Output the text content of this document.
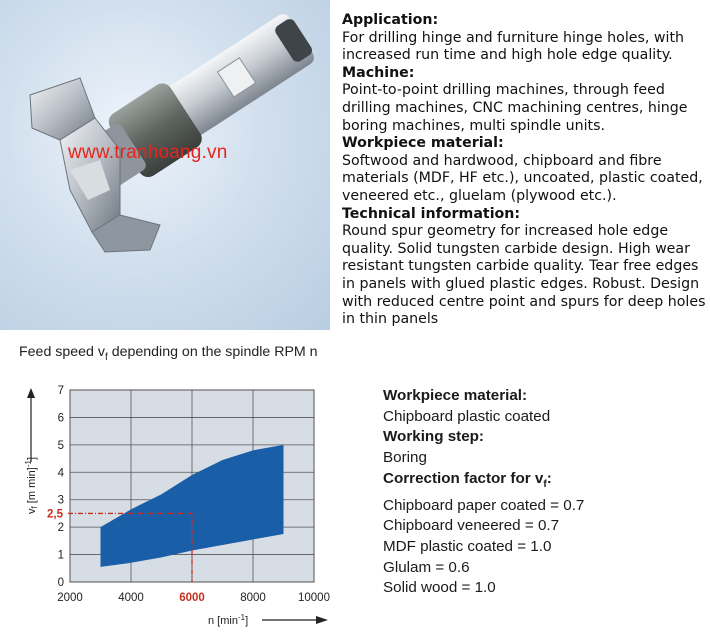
www.tranhoang.vn
Application:
For drilling hinge and furniture hinge holes, with increased run time and high hole edge quality.
Machine:
Point-to-point drilling machines, through feed drilling machines, CNC machining centres, hinge boring machines, multi spindle units.
Workpiece material:
Softwood and hardwood, chipboard and fibre materials (MDF, HF etc.), uncoated, plastic coated, veneered etc., gluelam (plywood etc.).
Technical information:
Round spur geometry for increased hole edge quality. Solid tungsten carbide design. High wear resistant tungsten carbide quality. Tear free edges in panels with glued plastic edges. Robust. Design with reduced centre point and spurs for deep holes in thin panels
Feed speed $v_f$ depending on the spindle RPM n
2000	4000	6000	8000	10000
0
1
2
3
4
5
6
7
2,5
vf [m min]$^{-1}$]
n $[\min^{-1}]$
Workpiece material:
Chipboard plastic coated
Working step:
Boring
Correction factor for $v_f$:
Chipboard paper coated = 0.7
Chipboard veneered = 0.7
MDF plastic coated = 1.0
Glulam = 0.6
Solid wood = 1.0
